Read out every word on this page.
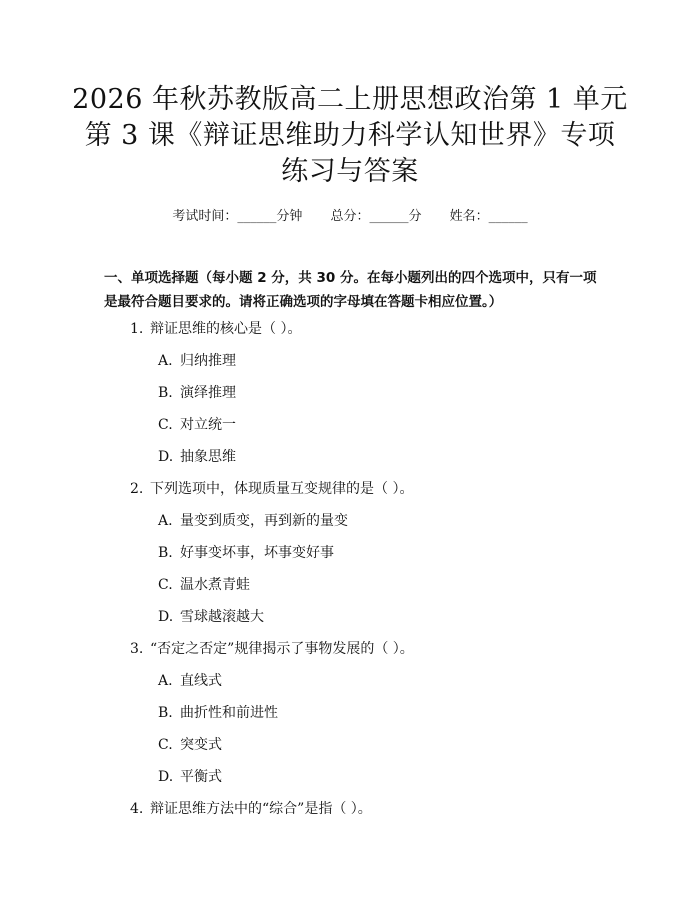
2026 年秋苏教版高二上册思想政治第 1 单元
第 3 课《辩证思维助力科学认知世界》专项
练习与答案
考试时间：______分钟 总分：______分 姓名：______
一、单项选择题（每小题 2 分，共 30 分。在每小题列出的四个选项中，只有一项是最符合题目要求的。请将正确选项的字母填在答题卡相应位置。）
1. 辩证思维的核心是（ ）。
A. 归纳推理
B. 演绎推理
C. 对立统一
D. 抽象思维
2. 下列选项中，体现质量互变规律的是（ ）。
A. 量变到质变，再到新的量变
B. 好事变坏事，坏事变好事
C. 温水煮青蛙
D. 雪球越滚越大
3. “否定之否定”规律揭示了事物发展的（ ）。
A. 直线式
B. 曲折性和前进性
C. 突变式
D. 平衡式
4. 辩证思维方法中的“综合”是指（ ）。
